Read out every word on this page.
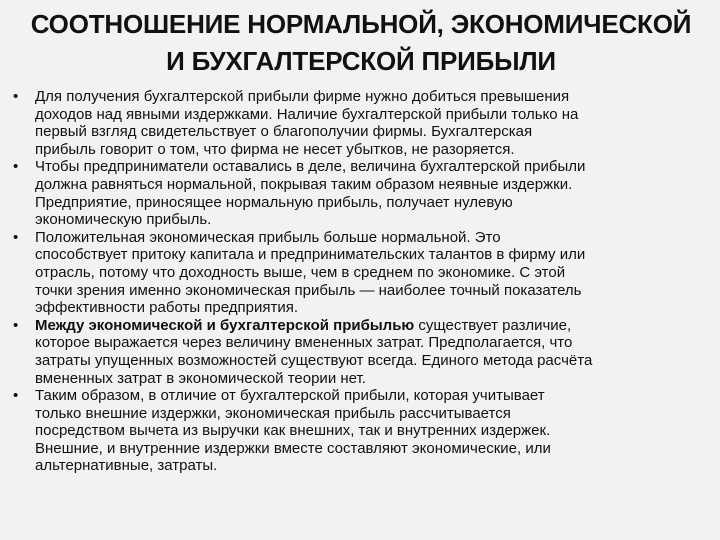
СООТНОШЕНИЕ НОРМАЛЬНОЙ, ЭКОНОМИЧЕСКОЙ
И БУХГАЛТЕРСКОЙ ПРИБЫЛИ
• Для получения бухгалтерской прибыли фирме нужно добиться превышения
доходов над явными издержками. Наличие бухгалтерской прибыли только на
первый взгляд свидетельствует о благополучии фирмы. Бухгалтерская
прибыль говорит о том, что фирма не несет убытков, не разоряется.
• Чтобы предприниматели оставались в деле, величина бухгалтерской прибыли
должна равняться нормальной, покрывая таким образом неявные издержки.
Предприятие, приносящее нормальную прибыль, получает нулевую
экономическую прибыль.
• Положительная экономическая прибыль больше нормальной. Это
способствует притоку капитала и предпринимательских талантов в фирму или
отрасль, потому что доходность выше, чем в среднем по экономике. С этой
точки зрения именно экономическая прибыль — наиболее точный показатель
эффективности работы предприятия.
• Между экономической и бухгалтерской прибылью существует различие,
которое выражается через величину вмененных затрат. Предполагается, что
затраты упущенных возможностей существуют всегда. Единого метода расчёта
вмененных затрат в экономической теории нет.
• Таким образом, в отличие от бухгалтерской прибыли, которая учитывает
только внешние издержки, экономическая прибыль рассчитывается
посредством вычета из выручки как внешних, так и внутренних издержек.
Внешние, и внутренние издержки вместе составляют экономические, или
альтернативные, затраты.
